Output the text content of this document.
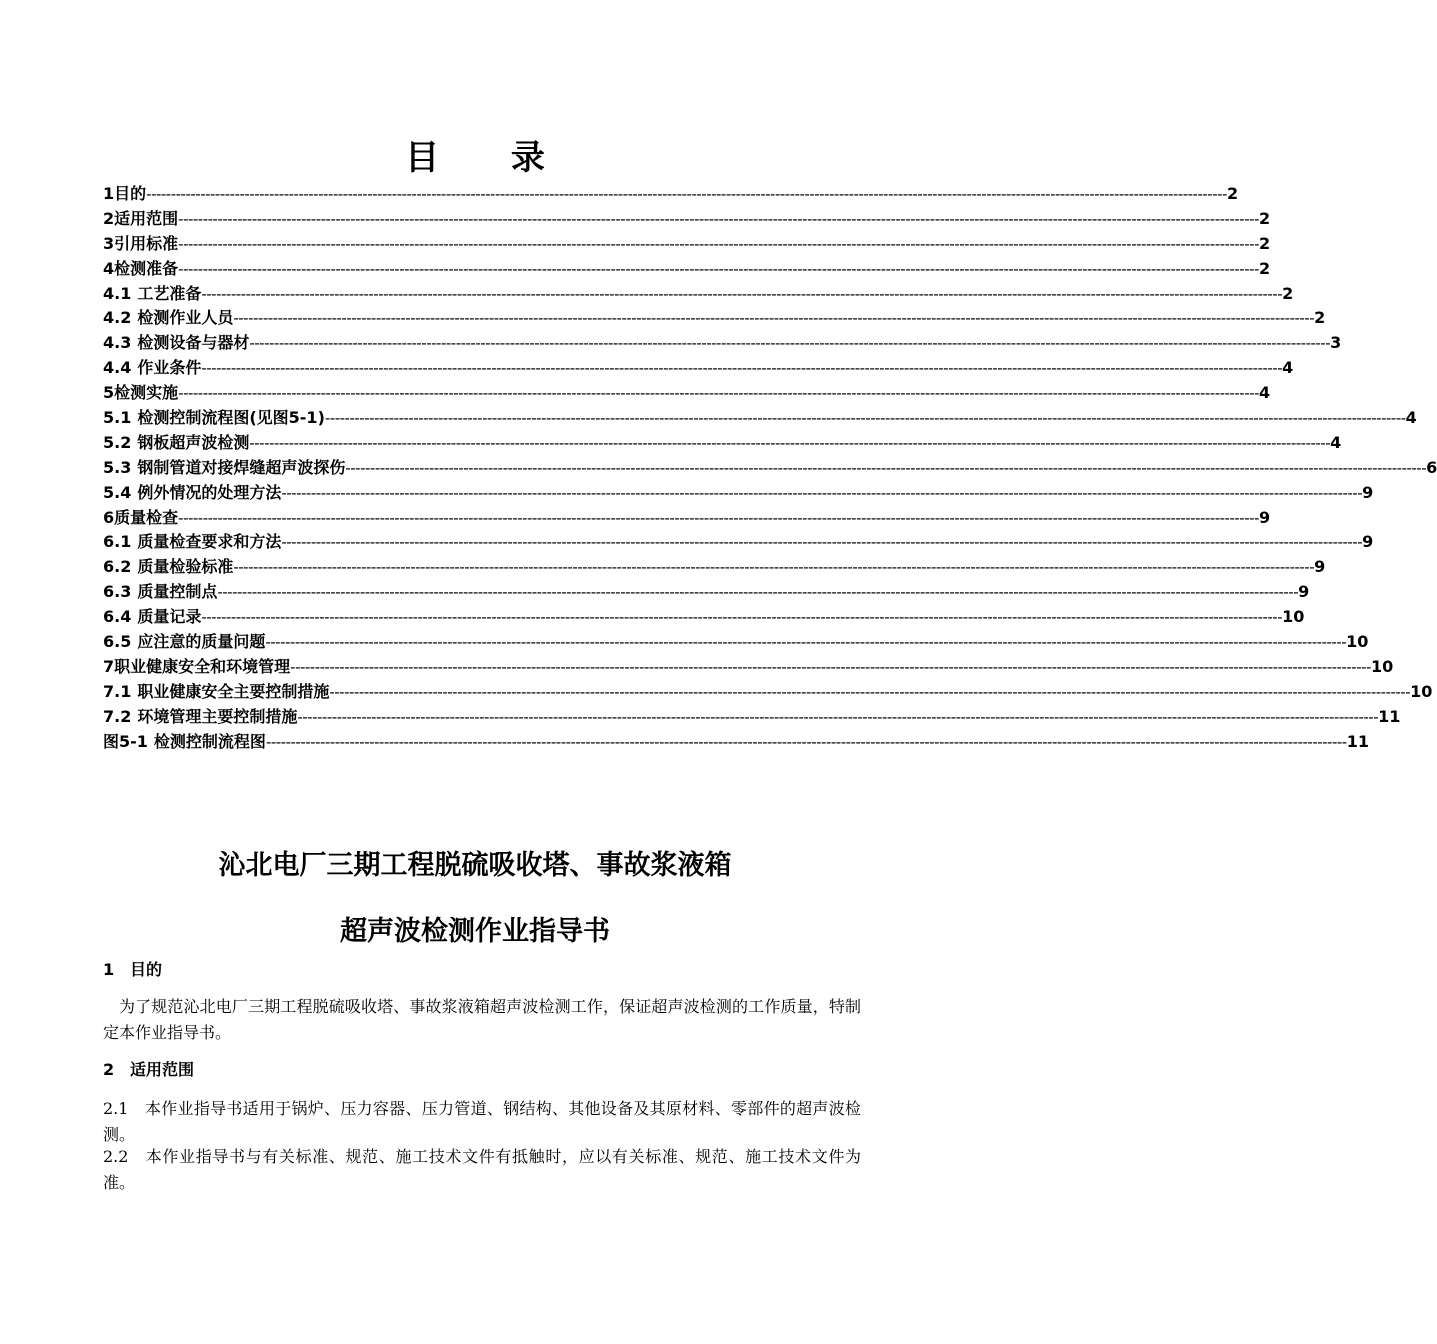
目 录
1 目的 ---------------------------------------------------------------------------------------------------------------------------------------------------------------------------------------------------------------------------- 2
2 适用范围 ---------------------------------------------------------------------------------------------------------------------------------------------------------------------------------------------------------------------------- 2
3 引用标准 ---------------------------------------------------------------------------------------------------------------------------------------------------------------------------------------------------------------------------- 2
4 检测准备 ---------------------------------------------------------------------------------------------------------------------------------------------------------------------------------------------------------------------------- 2
4.1 工艺准备 ---------------------------------------------------------------------------------------------------------------------------------------------------------------------------------------------------------------------------- 2
4.2 检测作业人员 ---------------------------------------------------------------------------------------------------------------------------------------------------------------------------------------------------------------------------- 2
4.3 检测设备与器材 ---------------------------------------------------------------------------------------------------------------------------------------------------------------------------------------------------------------------------- 3
4.4 作业条件 ---------------------------------------------------------------------------------------------------------------------------------------------------------------------------------------------------------------------------- 4
5 检测实施 ---------------------------------------------------------------------------------------------------------------------------------------------------------------------------------------------------------------------------- 4
5.1 检测控制流程图(见图5-1) ---------------------------------------------------------------------------------------------------------------------------------------------------------------------------------------------------------------------------- 4
5.2 钢板超声波检测 ---------------------------------------------------------------------------------------------------------------------------------------------------------------------------------------------------------------------------- 4
5.3 钢制管道对接焊缝超声波探伤 ---------------------------------------------------------------------------------------------------------------------------------------------------------------------------------------------------------------------------- 6
5.4 例外情况的处理方法 ---------------------------------------------------------------------------------------------------------------------------------------------------------------------------------------------------------------------------- 9
6 质量检查 ---------------------------------------------------------------------------------------------------------------------------------------------------------------------------------------------------------------------------- 9
6.1 质量检查要求和方法 ---------------------------------------------------------------------------------------------------------------------------------------------------------------------------------------------------------------------------- 9
6.2 质量检验标准 ---------------------------------------------------------------------------------------------------------------------------------------------------------------------------------------------------------------------------- 9
6.3 质量控制点 ---------------------------------------------------------------------------------------------------------------------------------------------------------------------------------------------------------------------------- 9
6.4 质量记录 ---------------------------------------------------------------------------------------------------------------------------------------------------------------------------------------------------------------------------- 10
6.5 应注意的质量问题 ---------------------------------------------------------------------------------------------------------------------------------------------------------------------------------------------------------------------------- 10
7 职业健康安全和环境管理 ---------------------------------------------------------------------------------------------------------------------------------------------------------------------------------------------------------------------------- 10
7.1 职业健康安全主要控制措施 ---------------------------------------------------------------------------------------------------------------------------------------------------------------------------------------------------------------------------- 10
7.2 环境管理主要控制措施 ---------------------------------------------------------------------------------------------------------------------------------------------------------------------------------------------------------------------------- 11
图5-1 检测控制流程图 ---------------------------------------------------------------------------------------------------------------------------------------------------------------------------------------------------------------------------- 11
沁北电厂三期工程脱硫吸收塔、事故浆液箱
超声波检测作业指导书
1 目的
为了规范沁北电厂三期工程脱硫吸收塔、事故浆液箱超声波检测工作，保证超声波检测的工作质量，特制定本作业指导书。
2 适用范围
2.1　本作业指导书适用于锅炉、压力容器、压力管道、钢结构、其他设备及其原材料、零部件的超声波检测。
2.2　本作业指导书与有关标准、规范、施工技术文件有抵触时，应以有关标准、规范、施工技术文件为准。
